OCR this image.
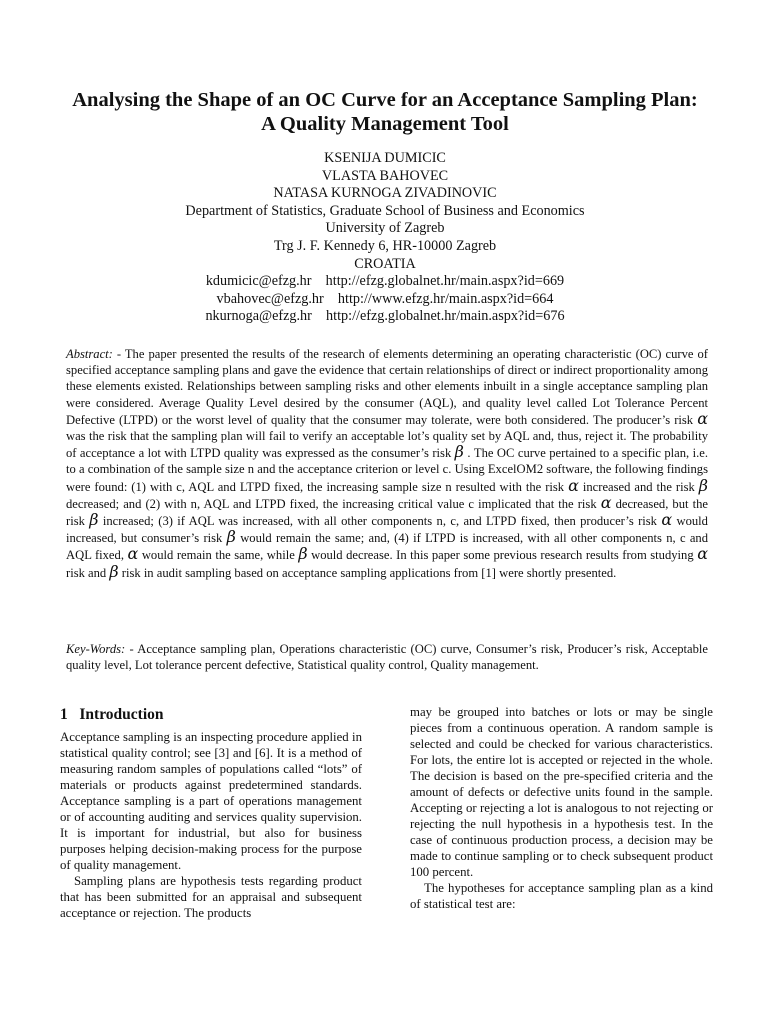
Analysing the Shape of an OC Curve for an Acceptance Sampling Plan:
A Quality Management Tool
KSENIJA DUMICIC
VLASTA BAHOVEC
NATASA KURNOGA ZIVADINOVIC
Department of Statistics, Graduate School of Business and Economics
University of Zagreb
Trg J. F. Kennedy 6, HR-10000 Zagreb
CROATIA
kdumicic@efzg.hr    http://efzg.globalnet.hr/main.aspx?id=669
vbahovec@efzg.hr    http://www.efzg.hr/main.aspx?id=664
nkurnoga@efzg.hr    http://efzg.globalnet.hr/main.aspx?id=676
Abstract: - The paper presented the results of the research of elements determining an operating characteristic (OC) curve of specified acceptance sampling plans and gave the evidence that certain relationships of direct or indirect proportionality among these elements existed. Relationships between sampling risks and other elements inbuilt in a single acceptance sampling plan were considered. Average Quality Level desired by the consumer (AQL), and quality level called Lot Tolerance Percent Defective (LTPD) or the worst level of quality that the consumer may tolerate, were both considered. The producer’s risk α was the risk that the sampling plan will fail to verify an acceptable lot’s quality set by AQL and, thus, reject it. The probability of acceptance a lot with LTPD quality was expressed as the consumer’s risk β . The OC curve pertained to a specific plan, i.e. to a combination of the sample size n and the acceptance criterion or level c. Using ExcelOM2 software, the following findings were found: (1) with c, AQL and LTPD fixed, the increasing sample size n resulted with the risk α increased and the risk β decreased; and (2) with n, AQL and LTPD fixed, the increasing critical value c implicated that the risk α decreased, but the risk β increased; (3) if AQL was increased, with all other components n, c, and LTPD fixed, then producer’s risk α would increased, but consumer’s risk β would remain the same; and, (4) if LTPD is increased, with all other components n, c and AQL fixed, α would remain the same, while β would decrease. In this paper some previous research results from studying α risk and β risk in audit sampling based on acceptance sampling applications from [1] were shortly presented.
Key-Words: - Acceptance sampling plan, Operations characteristic (OC) curve, Consumer’s risk, Producer’s risk, Acceptable quality level, Lot tolerance percent defective, Statistical quality control, Quality management.
1   Introduction

Acceptance sampling is an inspecting procedure applied in statistical quality control; see [3] and [6]. It is a method of measuring random samples of populations called “lots” of materials or products against predetermined standards. Acceptance sampling is a part of operations management or of accounting auditing and services quality supervision. It is important for industrial, but also for business purposes helping decision-making process for the purpose of quality management.

Sampling plans are hypothesis tests regarding product that has been submitted for an appraisal and subsequent acceptance or rejection. The products

may be grouped into batches or lots or may be single pieces from a continuous operation. A random sample is selected and could be checked for various characteristics. For lots, the entire lot is accepted or rejected in the whole. The decision is based on the pre-specified criteria and the amount of defects or defective units found in the sample. Accepting or rejecting a lot is analogous to not rejecting or rejecting the null hypothesis in a hypothesis test. In the case of continuous production process, a decision may be made to continue sampling or to check subsequent product 100 percent.

The hypotheses for acceptance sampling plan as a kind of statistical test are:
